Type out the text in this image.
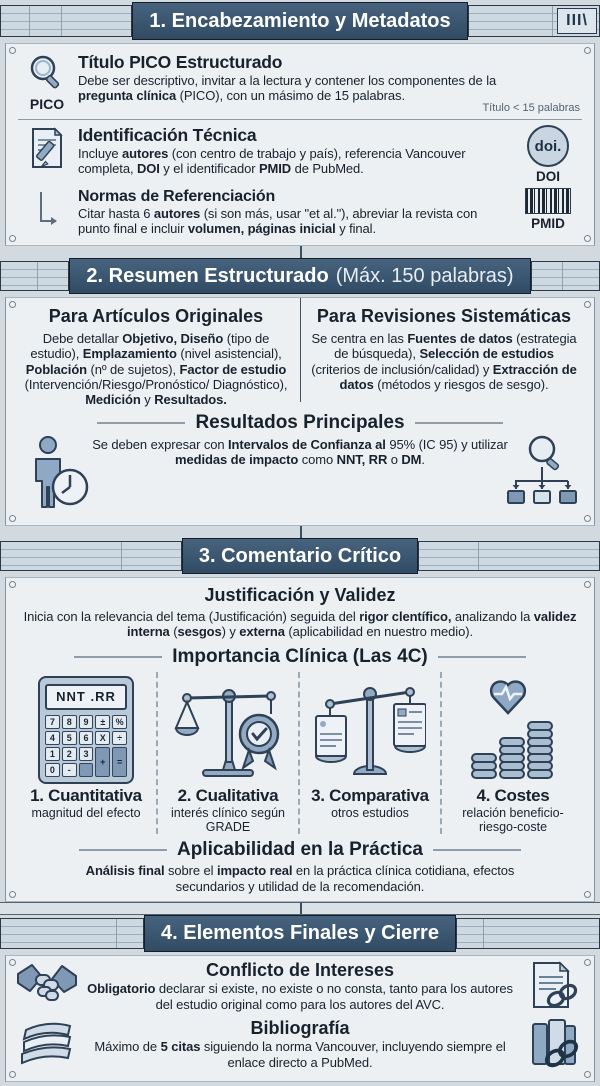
1. Encabezamiento y Metadatos	III\
PICO
Título PICO Estructurado

Debe ser descriptivo, invitar a la lectura y contener los componentes de la pregunta clínica (PICO), con un másimo de 15 palabras.

Título < 15 palabras
Identificación Técnica

Incluye autores (con centro de trabajo y país), referencia Vancouver completa, DOI y el identificador PMID de PubMed.

doi.
DOI
Normas de Referenciación

Citar hasta 6 autores (si son más, usar "et al."), abreviar la revista con punto final e incluir volumen, páginas inicial y final.	PMID
2. Resumen Estructurado (Máx. 150 palabras)
Para Artículos Originales

Debe detallar Objetivo, Diseño (tipo de estudio), Emplazamiento (nivel asistencial), Población (nº de sujetos), Factor de estudio (Intervención/Riesgo/Pronóstico/ Diagnóstico), Medición y Resultados.

Para Revisiones Sistemáticas

Se centra en las Fuentes de datos (estrategia de búsqueda), Selección de estudios (criterios de inclusión/calidad) y Extracción de datos (métodos y riesgos de sesgo).

Resultados Principales

Se deben expresar con Intervalos de Confianza al 95% (IC 95) y utilizar medidas de impacto como NNT, RR o DM.

3. Comentario Crítico
Justificación y Validez

Inicia con la relevancia del tema (Justificación) seguida del rigor clentífico, analizando la validez interna (sesgos) y externa (aplicabilidad en nuestro medio).

Importancia Clínica (Las 4C)
NNT .RR
7	8	9	±	%
4	5	6	X	÷
1	2	3
+	=
0	-
1. Cuantitativa
magnitud del efecto
2. Cualitativa
interés clínico según GRADE
3. Comparativa
otros estudios
4. Costes
relación beneficio- riesgo-coste
Aplicabilidad en la Práctica

Análisis final sobre el impacto real en la práctica clínica cotidiana, efectos secundarios y utilidad de la recomendación.

4. Elementos Finales y Cierre
Conflicto de Intereses

Obligatorio declarar si existe, no existe o no consta, tanto para los autores del estudio original como para los autores del AVC.

Bibliografía

Máximo de 5 citas siguiendo la norma Vancouver, incluyendo siempre el enlace directo a PubMed.
